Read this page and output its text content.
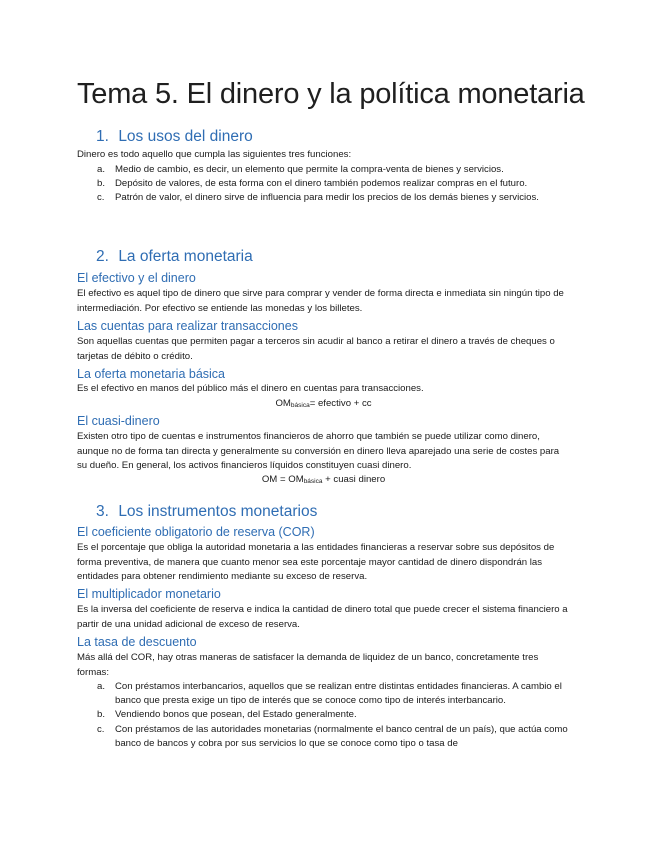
Tema 5. El dinero y la política monetaria
1. Los usos del dinero

Dinero es todo aquello que cumpla las siguientes tres funciones:

a. Medio de cambio, es decir, un elemento que permite la compra-venta de bienes y servicios.
b. Depósito de valores, de esta forma con el dinero también podemos realizar compras en el futuro.
c. Patrón de valor, el dinero sirve de influencia para medir los precios de los demás bienes y servicios.
2. La oferta monetaria
El efectivo y el dinero

El efectivo es aquel tipo de dinero que sirve para comprar y vender de forma directa e inmediata sin ningún tipo de intermediación. Por efectivo se entiende las monedas y los billetes.

Las cuentas para realizar transacciones

Son aquellas cuentas que permiten pagar a terceros sin acudir al banco a retirar el dinero a través de cheques o tarjetas de débito o crédito.

La oferta monetaria básica

Es el efectivo en manos del público más el dinero en cuentas para transacciones.

$OM_{básica}=$ efectivo + cc

El cuasi-dinero

Existen otro tipo de cuentas e instrumentos financieros de ahorro que también se puede utilizar como dinero, aunque no de forma tan directa y generalmente su conversión en dinero lleva aparejado una serie de costes para su dueño. En general, los activos financieros líquidos constituyen cuasi dinero.

OM = $OM_{básica}$ + cuasi dinero

3. Los instrumentos monetarios
El coeficiente obligatorio de reserva (COR)

Es el porcentaje que obliga la autoridad monetaria a las entidades financieras a reservar sobre sus depósitos de forma preventiva, de manera que cuanto menor sea este porcentaje mayor cantidad de dinero dispondrán las entidades para obtener rendimiento mediante su exceso de reserva.

El multiplicador monetario

Es la inversa del coeficiente de reserva e indica la cantidad de dinero total que puede crecer el sistema financiero a partir de una unidad adicional de exceso de reserva.

La tasa de descuento

Más allá del COR, hay otras maneras de satisfacer la demanda de liquidez de un banco, concretamente tres formas:

a. Con préstamos interbancarios, aquellos que se realizan entre distintas entidades financieras. A cambio el banco que presta exige un tipo de interés que se conoce como tipo de interés interbancario.
b. Vendiendo bonos que posean, del Estado generalmente.
c. Con préstamos de las autoridades monetarias (normalmente el banco central de un país), que actúa como banco de bancos y cobra por sus servicios lo que se conoce como tipo o tasa de
